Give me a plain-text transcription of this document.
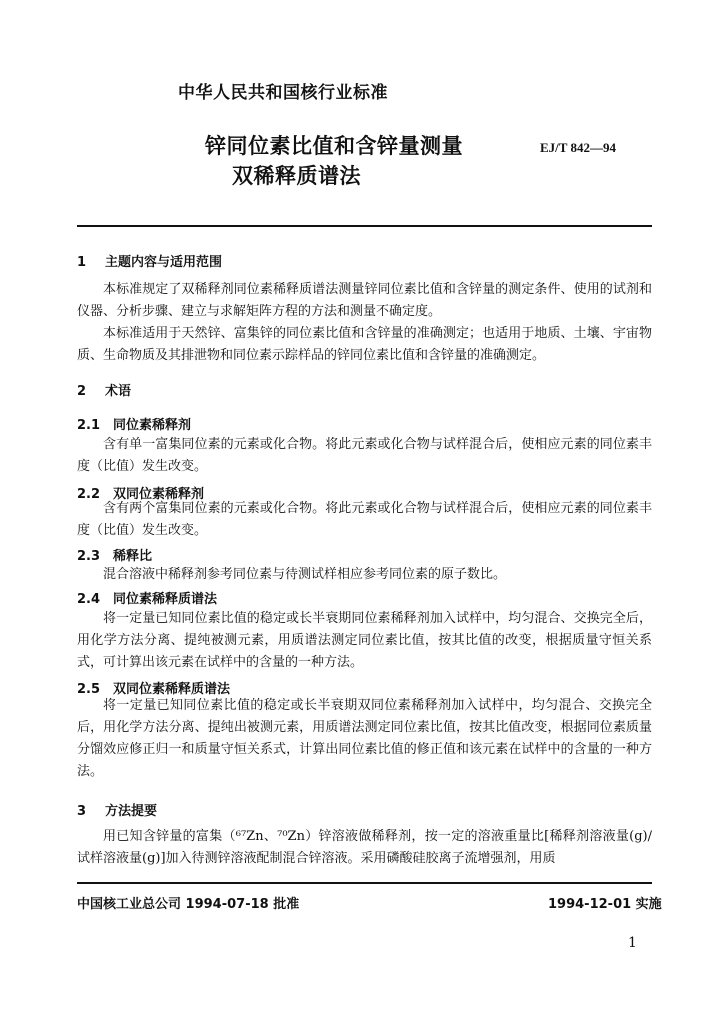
中华人民共和国核行业标准
锌同位素比值和含锌量测量
双稀释质谱法
EJ/T 842—94
1 主题内容与适用范围
本标准规定了双稀释剂同位素稀释质谱法测量锌同位素比值和含锌量的测定条件、使用的试剂和仪器、分析步骤、建立与求解矩阵方程的方法和测量不确定度。
本标准适用于天然锌、富集锌的同位素比值和含锌量的准确测定；也适用于地质、土壤、宇宙物质、生命物质及其排泄物和同位素示踪样品的锌同位素比值和含锌量的准确测定。
2 术语
2.1 同位素稀释剂
含有单一富集同位素的元素或化合物。将此元素或化合物与试样混合后，使相应元素的同位素丰度（比值）发生改变。
2.2 双同位素稀释剂
含有两个富集同位素的元素或化合物。将此元素或化合物与试样混合后，使相应元素的同位素丰度（比值）发生改变。
2.3 稀释比
混合溶液中稀释剂参考同位素与待测试样相应参考同位素的原子数比。
2.4 同位素稀释质谱法
将一定量已知同位素比值的稳定或长半衰期同位素稀释剂加入试样中，均匀混合、交换完全后，用化学方法分离、提纯被测元素，用质谱法测定同位素比值，按其比值的改变，根据质量守恒关系式，可计算出该元素在试样中的含量的一种方法。
2.5 双同位素稀释质谱法
将一定量已知同位素比值的稳定或长半衰期双同位素稀释剂加入试样中，均匀混合、交换完全后，用化学方法分离、提纯出被测元素，用质谱法测定同位素比值，按其比值改变，根据同位素质量分馏效应修正归一和质量守恒关系式，计算出同位素比值的修正值和该元素在试样中的含量的一种方法。
3 方法提要
用已知含锌量的富集（⁶⁷Zn、⁷⁰Zn）锌溶液做稀释剂，按一定的溶液重量比[稀释剂溶液量(g)/试样溶液量(g)]加入待测锌溶液配制混合锌溶液。采用磷酸硅胶离子流增强剂，用质
中国核工业总公司 1994-07-18 批准	1994-12-01 实施
1
